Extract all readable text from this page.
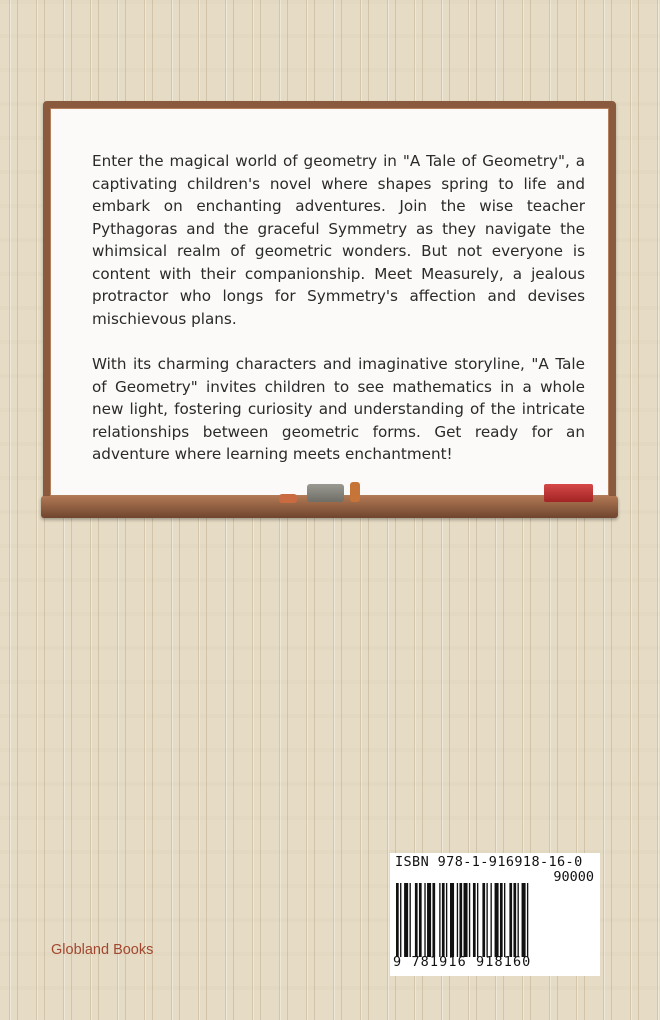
Enter the magical world of geometry in "A Tale of Geometry", a captivating children's novel where shapes spring to life and embark on enchanting adventures. Join the wise teacher Pythagoras and the graceful Symmetry as they navigate the whimsical realm of geometric wonders. But not everyone is content with their companionship. Meet Measurely, a jealous protractor who longs for Symmetry's affection and devises mischievous plans.

With its charming characters and imaginative storyline, "A Tale of Geometry" invites children to see mathematics in a whole new light, fostering curiosity and understanding of the intricate relationships between geometric forms. Get ready for an adventure where learning meets enchantment!

ISBN 978-1-916918-16-0
90000
9 781916 918160
Globland Books
